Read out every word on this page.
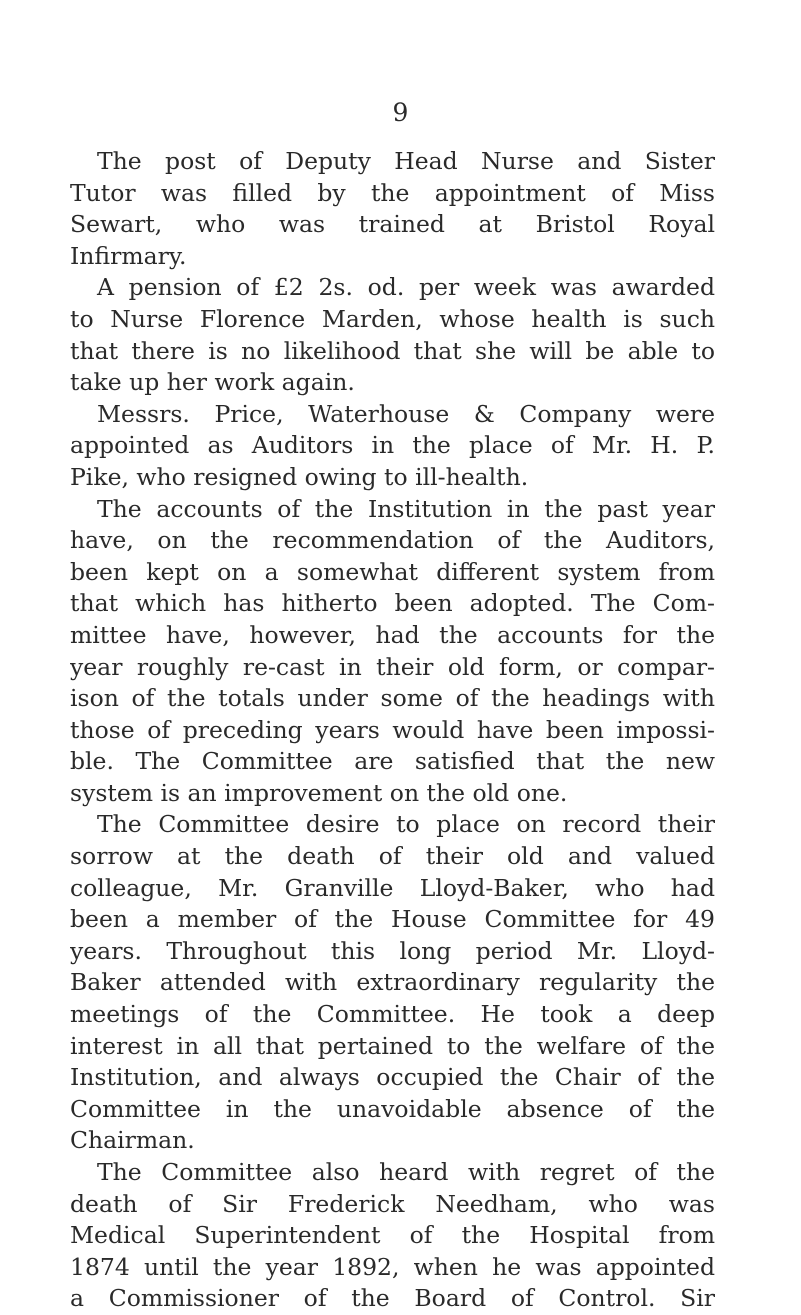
9
The post of Deputy Head Nurse and Sister
Tutor was filled by the appointment of Miss
Sewart, who was trained at Bristol Royal
Infirmary.
A pension of £2 2s. od. per week was awarded
to Nurse Florence Marden, whose health is such
that there is no likelihood that she will be able to
take up her work again.
Messrs. Price, Waterhouse & Company were
appointed as Auditors in the place of Mr. H. P.
Pike, who resigned owing to ill-health.
The accounts of the Institution in the past year
have, on the recommendation of the Auditors,
been kept on a somewhat different system from
that which has hitherto been adopted. The Com-
mittee have, however, had the accounts for the
year roughly re-cast in their old form, or compar-
ison of the totals under some of the headings with
those of preceding years would have been impossi-
ble. The Committee are satisfied that the new
system is an improvement on the old one.
The Committee desire to place on record their
sorrow at the death of their old and valued
colleague, Mr. Granville Lloyd-Baker, who had
been a member of the House Committee for 49
years. Throughout this long period Mr. Lloyd-
Baker attended with extraordinary regularity the
meetings of the Committee. He took a deep
interest in all that pertained to the welfare of the
Institution, and always occupied the Chair of the
Committee in the unavoidable absence of the
Chairman.
The Committee also heard with regret of the
death of Sir Frederick Needham, who was
Medical Superintendent of the Hospital from
1874 until the year 1892, when he was appointed
a Commissioner of the Board of Control. Sir
